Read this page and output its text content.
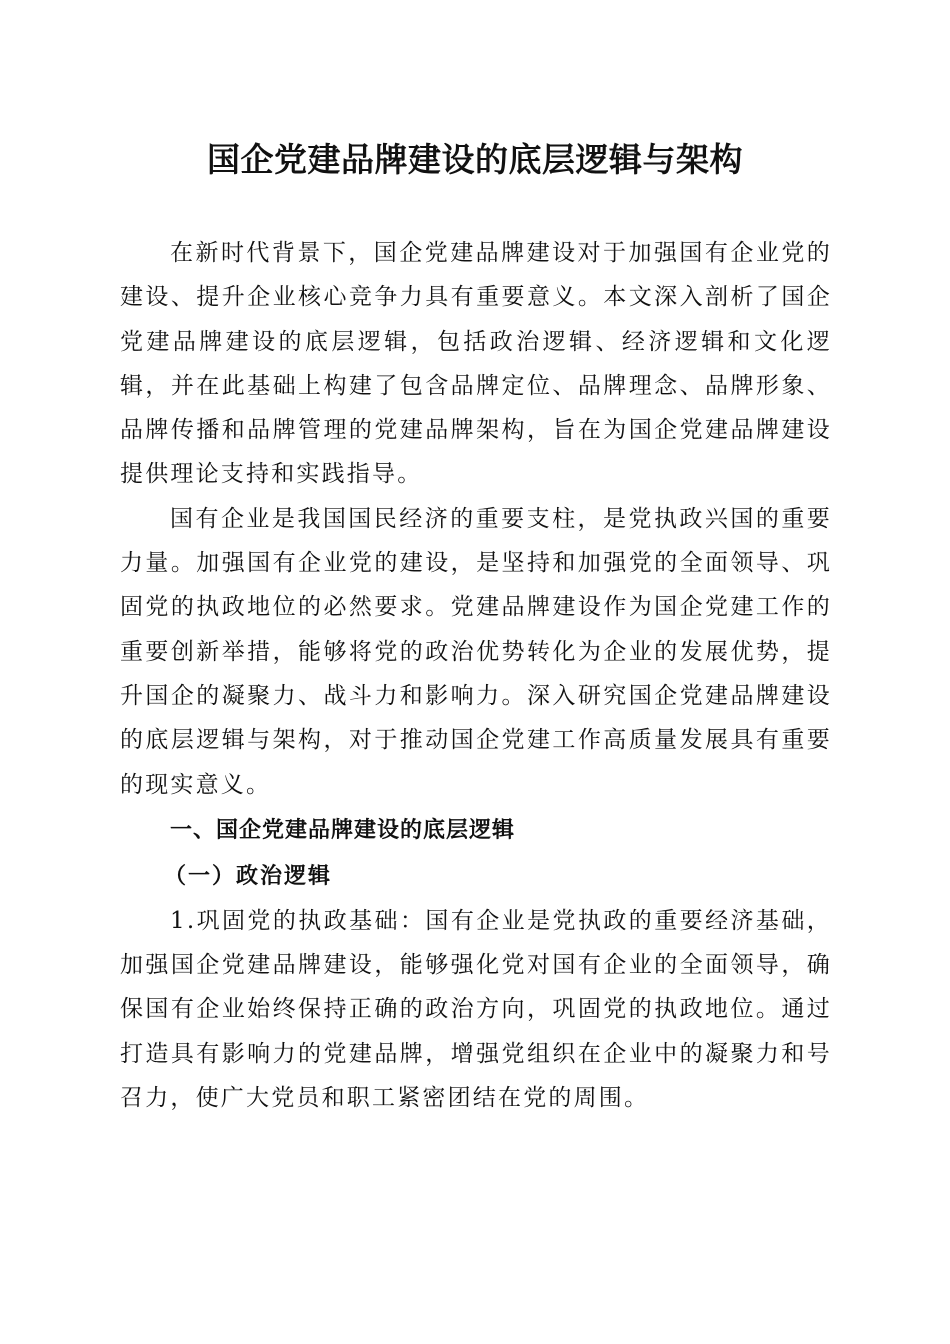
国企党建品牌建设的底层逻辑与架构

在新时代背景下，国企党建品牌建设对于加强国有企业党的建设、提升企业核心竞争力具有重要意义。本文深入剖析了国企党建品牌建设的底层逻辑，包括政治逻辑、经济逻辑和文化逻辑，并在此基础上构建了包含品牌定位、品牌理念、品牌形象、品牌传播和品牌管理的党建品牌架构，旨在为国企党建品牌建设提供理论支持和实践指导。

国有企业是我国国民经济的重要支柱，是党执政兴国的重要力量。加强国有企业党的建设，是坚持和加强党的全面领导、巩固党的执政地位的必然要求。党建品牌建设作为国企党建工作的重要创新举措，能够将党的政治优势转化为企业的发展优势，提升国企的凝聚力、战斗力和影响力。深入研究国企党建品牌建设的底层逻辑与架构，对于推动国企党建工作高质量发展具有重要的现实意义。

一、国企党建品牌建设的底层逻辑
（一）政治逻辑

1.巩固党的执政基础：国有企业是党执政的重要经济基础，加强国企党建品牌建设，能够强化党对国有企业的全面领导，确保国有企业始终保持正确的政治方向，巩固党的执政地位。通过打造具有影响力的党建品牌，增强党组织在企业中的凝聚力和号召力，使广大党员和职工紧密团结在党的周围。
